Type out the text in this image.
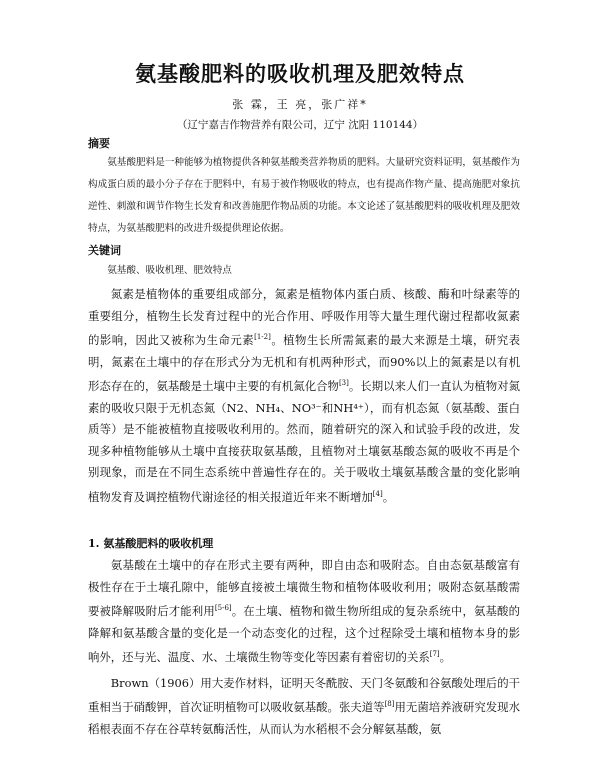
氨基酸肥料的吸收机理及肥效特点
张 霖，王 亮，张广祥*
（辽宁嘉吉作物营养有限公司，辽宁 沈阳 110144）
摘要

氨基酸肥料是一种能够为植物提供各种氨基酸类营养物质的肥料。大量研究资料证明，氨基酸作为构成蛋白质的最小分子存在于肥料中，有易于被作物吸收的特点，也有提高作物产量、提高施肥对象抗逆性、刺激和调节作物生长发育和改善施肥作物品质的功能。本文论述了氨基酸肥料的吸收机理及肥效特点，为氨基酸肥料的改进升级提供理论依据。

关键词

氨基酸、吸收机理、肥效特点

氮素是植物体的重要组成部分，氮素是植物体内蛋白质、核酸、酶和叶绿素等的重要组分，植物生长发育过程中的光合作用、呼吸作用等大量生理代谢过程都收氮素的影响，因此又被称为生命元素[1-2]。植物生长所需氮素的最大来源是土壤，研究表明，氮素在土壤中的存在形式分为无机和有机两种形式，而90%以上的氮素是以有机形态存在的，氨基酸是土壤中主要的有机氮化合物[3]。长期以来人们一直认为植物对氮素的吸收只限于无机态氮（N2、NH₄、NO³⁻和NH⁴⁺），而有机态氮（氨基酸、蛋白质等）是不能被植物直接吸收利用的。然而，随着研究的深入和试验手段的改进，发现多种植物能够从土壤中直接获取氨基酸，且植物对土壤氨基酸态氮的吸收不再是个别现象，而是在不同生态系统中普遍性存在的。关于吸收土壤氨基酸含量的变化影响植物发育及调控植物代谢途径的相关报道近年来不断增加[4]。

1. 氨基酸肥料的吸收机理

氨基酸在土壤中的存在形式主要有两种，即自由态和吸附态。自由态氨基酸富有极性存在于土壤孔隙中，能够直接被土壤微生物和植物体吸收利用；吸附态氨基酸需要被降解吸附后才能利用[5-6]。在土壤、植物和微生物所组成的复杂系统中，氨基酸的降解和氨基酸含量的变化是一个动态变化的过程，这个过程除受土壤和植物本身的影响外，还与光、温度、水、土壤微生物等变化等因素有着密切的关系[7]。

Brown（1906）用大麦作材料，证明天冬酰胺、天门冬氨酸和谷氨酸处理后的干重相当于硝酸钾，首次证明植物可以吸收氨基酸。张夫道等[8]用无菌培养液研究发现水稻根表面不存在谷草转氨酶活性，从而认为水稻根不会分解氨基酸，氨
